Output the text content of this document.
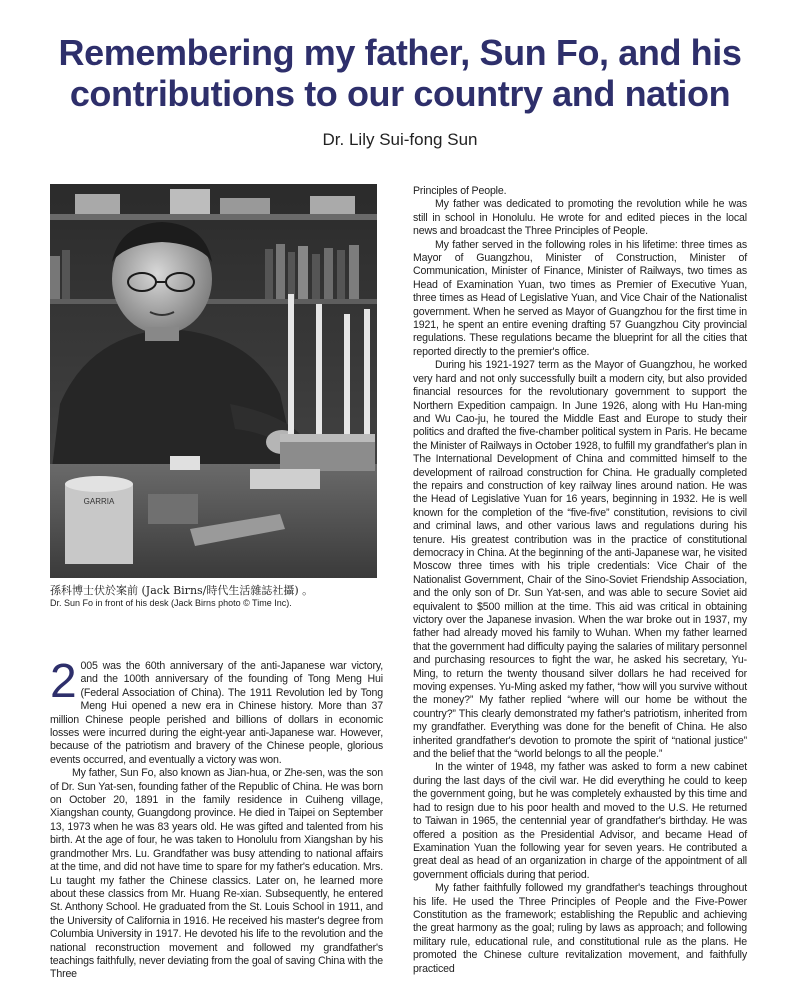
Remembering my father, Sun Fo, and his contributions to our country and nation
Dr. Lily Sui-fong Sun
GARRIA
孫科博士伏於案前 (Jack Birns/時代生活雜誌社攝) 。
Dr. Sun Fo in front of his desk (Jack Birns photo © Time Inc).

2 005 was the 60th anniversary of the anti-Japanese war victory, and the 100th anniversary of the founding of Tong Meng Hui (Federal Association of China). The 1911 Revolution led by Tong Meng Hui opened a new era in Chinese history. More than 37 million Chinese people perished and billions of dollars in economic losses were incurred during the eight-year anti-Japanese war. However, because of the patriotism and bravery of the Chinese people, glorious events occurred, and eventually a victory was won.

My father, Sun Fo, also known as Jian-hua, or Zhe-sen, was the son of Dr. Sun Yat-sen, founding father of the Republic of China. He was born on October 20, 1891 in the family residence in Cuiheng village, Xiangshan county, Guangdong province. He died in Taipei on September 13, 1973 when he was 83 years old. He was gifted and talented from his birth. At the age of four, he was taken to Honolulu from Xiangshan by his grandmother Mrs. Lu. Grandfather was busy attending to national affairs at the time, and did not have time to spare for my father's education. Mrs. Lu taught my father the Chinese classics. Later on, he learned more about these classics from Mr. Huang Re-xian. Subsequently, he entered St. Anthony School. He graduated from the St. Louis School in 1911, and the University of California in 1916. He received his master's degree from Columbia University in 1917. He devoted his life to the revolution and the national reconstruction movement and followed my grandfather's teachings faithfully, never deviating from the goal of saving China with the Three

Principles of People.

My father was dedicated to promoting the revolution while he was still in school in Honolulu. He wrote for and edited pieces in the local news and broadcast the Three Principles of People.

My father served in the following roles in his lifetime: three times as Mayor of Guangzhou, Minister of Construction, Minister of Communication, Minister of Finance, Minister of Railways, two times as Head of Examination Yuan, two times as Premier of Executive Yuan, three times as Head of Legislative Yuan, and Vice Chair of the Nationalist government. When he served as Mayor of Guangzhou for the first time in 1921, he spent an entire evening drafting 57 Guangzhou City provincial regulations. These regulations became the blueprint for all the cities that reported directly to the premier's office.

During his 1921-1927 term as the Mayor of Guangzhou, he worked very hard and not only successfully built a modern city, but also provided financial resources for the revolutionary government to support the Northern Expedition campaign. In June 1926, along with Hu Han-ming and Wu Cao-ju, he toured the Middle East and Europe to study their politics and drafted the five-chamber political system in Paris. He became the Minister of Railways in October 1928, to fulfill my grandfather's plan in The International Development of China and committed himself to the development of railroad construction for China. He gradually completed the repairs and construction of key railway lines around nation. He was the Head of Legislative Yuan for 16 years, beginning in 1932. He is well known for the completion of the “five-five” constitution, revisions to civil and criminal laws, and other various laws and regulations during his tenure. His greatest contribution was in the practice of constitutional democracy in China. At the beginning of the anti-Japanese war, he visited Moscow three times with his triple credentials: Vice Chair of the Nationalist Government, Chair of the Sino-Soviet Friendship Association, and the only son of Dr. Sun Yat-sen, and was able to secure Soviet aid equivalent to $500 million at the time. This aid was critical in obtaining victory over the Japanese invasion. When the war broke out in 1937, my father had already moved his family to Wuhan. When my father learned that the government had difficulty paying the salaries of military personnel and purchasing resources to fight the war, he asked his secretary, Yu-Ming, to return the twenty thousand silver dollars he had received for moving expenses. Yu-Ming asked my father, “how will you survive without the money?” My father replied “where will our home be without the country?” This clearly demonstrated my father's patriotism, inherited from my grandfather. Everything was done for the benefit of China. He also inherited grandfather's devotion to promote the spirit of “national justice” and the belief that the “world belongs to all the people.”

In the winter of 1948, my father was asked to form a new cabinet during the last days of the civil war. He did everything he could to keep the government going, but he was completely exhausted by this time and had to resign due to his poor health and moved to the U.S. He returned to Taiwan in 1965, the centennial year of grandfather's birthday. He was offered a position as the Presidential Advisor, and became Head of Examination Yuan the following year for seven years. He contributed a great deal as head of an organization in charge of the appointment of all government officials during that period.

My father faithfully followed my grandfather's teachings throughout his life. He used the Three Principles of People and the Five-Power Constitution as the framework; establishing the Republic and achieving the great harmony as the goal; ruling by laws as approach; and following military rule, educational rule, and constitutional rule as the plans. He promoted the Chinese culture revitalization movement, and faithfully practiced
